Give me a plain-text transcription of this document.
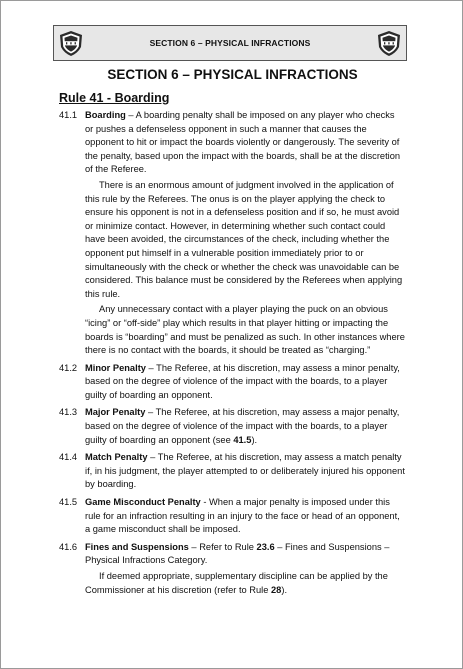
SECTION 6 – PHYSICAL INFRACTIONS
SECTION 6 – PHYSICAL INFRACTIONS
Rule 41 - Boarding
41.1 Boarding – A boarding penalty shall be imposed on any player who checks or pushes a defenseless opponent in such a manner that causes the opponent to hit or impact the boards violently or dangerously. The severity of the penalty, based upon the impact with the boards, shall be at the discretion of the Referee.
There is an enormous amount of judgment involved in the application of this rule by the Referees. The onus is on the player applying the check to ensure his opponent is not in a defenseless position and if so, he must avoid or minimize contact. However, in determining whether such contact could have been avoided, the circumstances of the check, including whether the opponent put himself in a vulnerable position immediately prior to or simultaneously with the check or whether the check was unavoidable can be considered. This balance must be considered by the Referees when applying this rule.
Any unnecessary contact with a player playing the puck on an obvious “icing” or “off-side” play which results in that player hitting or impacting the boards is “boarding” and must be penalized as such. In other instances where there is no contact with the boards, it should be treated as “charging.”
41.2 Minor Penalty – The Referee, at his discretion, may assess a minor penalty, based on the degree of violence of the impact with the boards, to a player guilty of boarding an opponent.
41.3 Major Penalty – The Referee, at his discretion, may assess a major penalty, based on the degree of violence of the impact with the boards, to a player guilty of boarding an opponent (see 41.5).
41.4 Match Penalty – The Referee, at his discretion, may assess a match penalty if, in his judgment, the player attempted to or deliberately injured his opponent by boarding.
41.5 Game Misconduct Penalty - When a major penalty is imposed under this rule for an infraction resulting in an injury to the face or head of an opponent, a game misconduct shall be imposed.
41.6 Fines and Suspensions – Refer to Rule 23.6 – Fines and Suspensions – Physical Infractions Category.
If deemed appropriate, supplementary discipline can be applied by the Commissioner at his discretion (refer to Rule 28).
